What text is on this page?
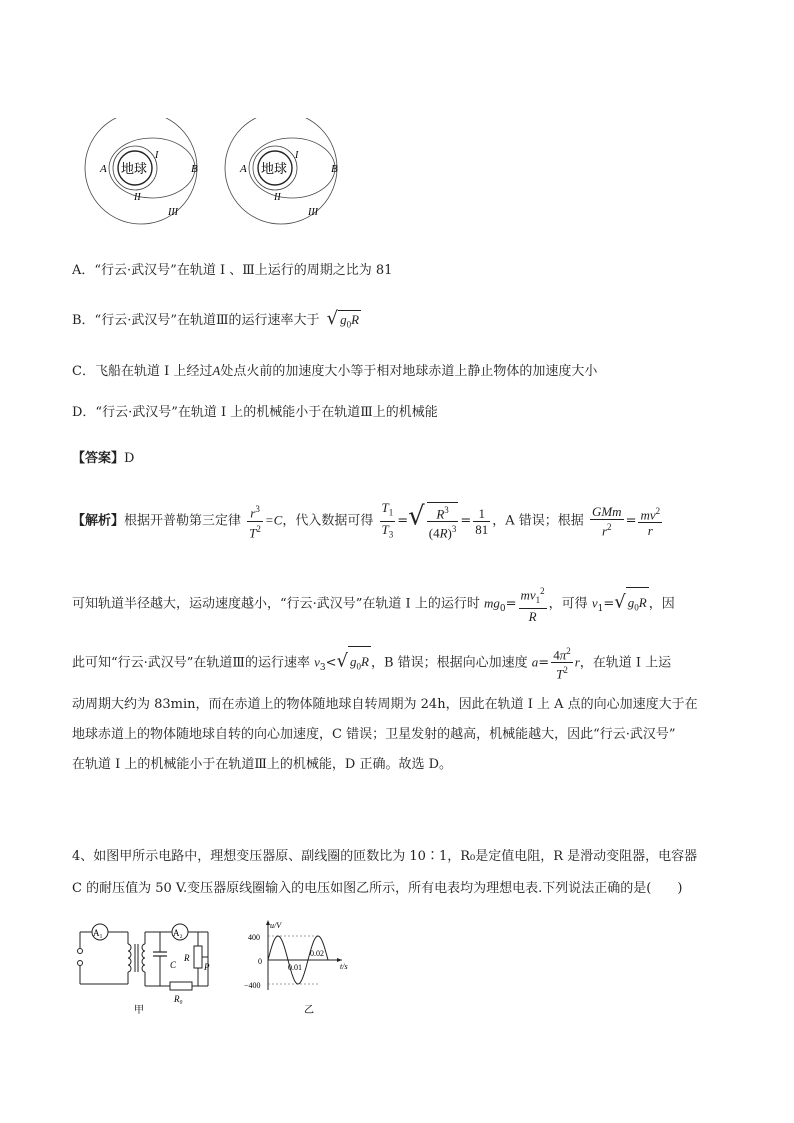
地球
A	B
I
II
III
地球
A	B
I
II
III
A．“行云·武汉号”在轨道 I 、Ⅲ上运行的周期之比为 81
B．“行云·武汉号”在轨道Ⅲ的运行速率大于 √ $g_0R$
C．飞船在轨道 I 上经过A处点火前的加速度大小等于相对地球赤道上静止物体的加速度大小
D．“行云·武汉号”在轨道 I 上的机械能小于在轨道Ⅲ上的机械能
【答案】D
【解析】根据开普勒第三定律 $\frac{r^3}{T^2} =C$，代入数据可得 $\frac{T_1}{T_3}$ =√ $\frac{R^3}{(4R)^3} = \frac{1}{81}$ ，A 错误；根据 $\frac{\text{GMm}}{r^2} = \frac{mv^2}{r}$
可知轨道半径越大，运动速度越小，“行云·武汉号”在轨道 I 上的运行时 $mg_0= \frac{mv_1^2}{R}$ ，可得 $v_1=√$ $g_0R$ ，因
此可知“行云·武汉号”在轨道Ⅲ的运行速率 $v_3<√$ $g_0R$ ，B 错误；根据向心加速度 $a= \frac{4\pi^2}{T^2}$ r，在轨道 I 上运
动周期大约为 83min，而在赤道上的物体随地球自转周期为 24h，因此在轨道 I 上 A 点的向心加速度大于在
地球赤道上的物体随地球自转的向心加速度，C 错误；卫星发射的越高，机械能越大，因此“行云·武汉号”
在轨道 I 上的机械能小于在轨道Ⅲ上的机械能，D 正确。故选 D。
4、如图甲所示电路中，理想变压器原、副线圈的匝数比为 10∶1，R₀是定值电阻，R 是滑动变阻器，电容器
C 的耐压值为 50 V.变压器原线圈输入的电压如图乙所示，所有电表均为理想电表.下列说法正确的是(　　)
A₁	A₂
R₀
C
R
P
甲
u/V
t/s
400
0
−400
0.01
0.02
乙
